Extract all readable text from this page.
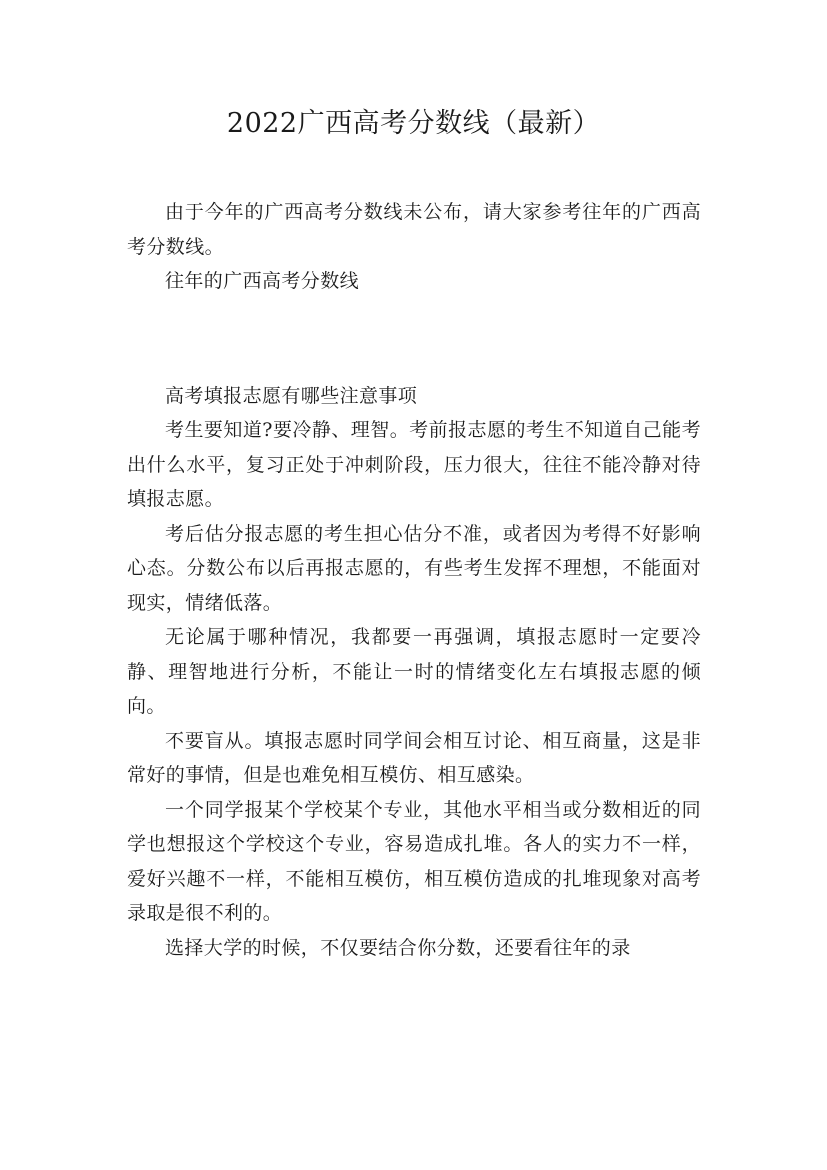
2022广西高考分数线（最新）

由于今年的广西高考分数线未公布，请大家参考往年的广西高考分数线。

往年的广西高考分数线

高考填报志愿有哪些注意事项

考生要知道?要冷静、理智。考前报志愿的考生不知道自己能考出什么水平，复习正处于冲刺阶段，压力很大，往往不能冷静对待填报志愿。

考后估分报志愿的考生担心估分不准，或者因为考得不好影响心态。分数公布以后再报志愿的，有些考生发挥不理想，不能面对现实，情绪低落。

无论属于哪种情况，我都要一再强调，填报志愿时一定要冷静、理智地进行分析，不能让一时的情绪变化左右填报志愿的倾向。

不要盲从。填报志愿时同学间会相互讨论、相互商量，这是非常好的事情，但是也难免相互模仿、相互感染。

一个同学报某个学校某个专业，其他水平相当或分数相近的同学也想报这个学校这个专业，容易造成扎堆。各人的实力不一样，爱好兴趣不一样，不能相互模仿，相互模仿造成的扎堆现象对高考录取是很不利的。

选择大学的时候，不仅要结合你分数，还要看往年的录
